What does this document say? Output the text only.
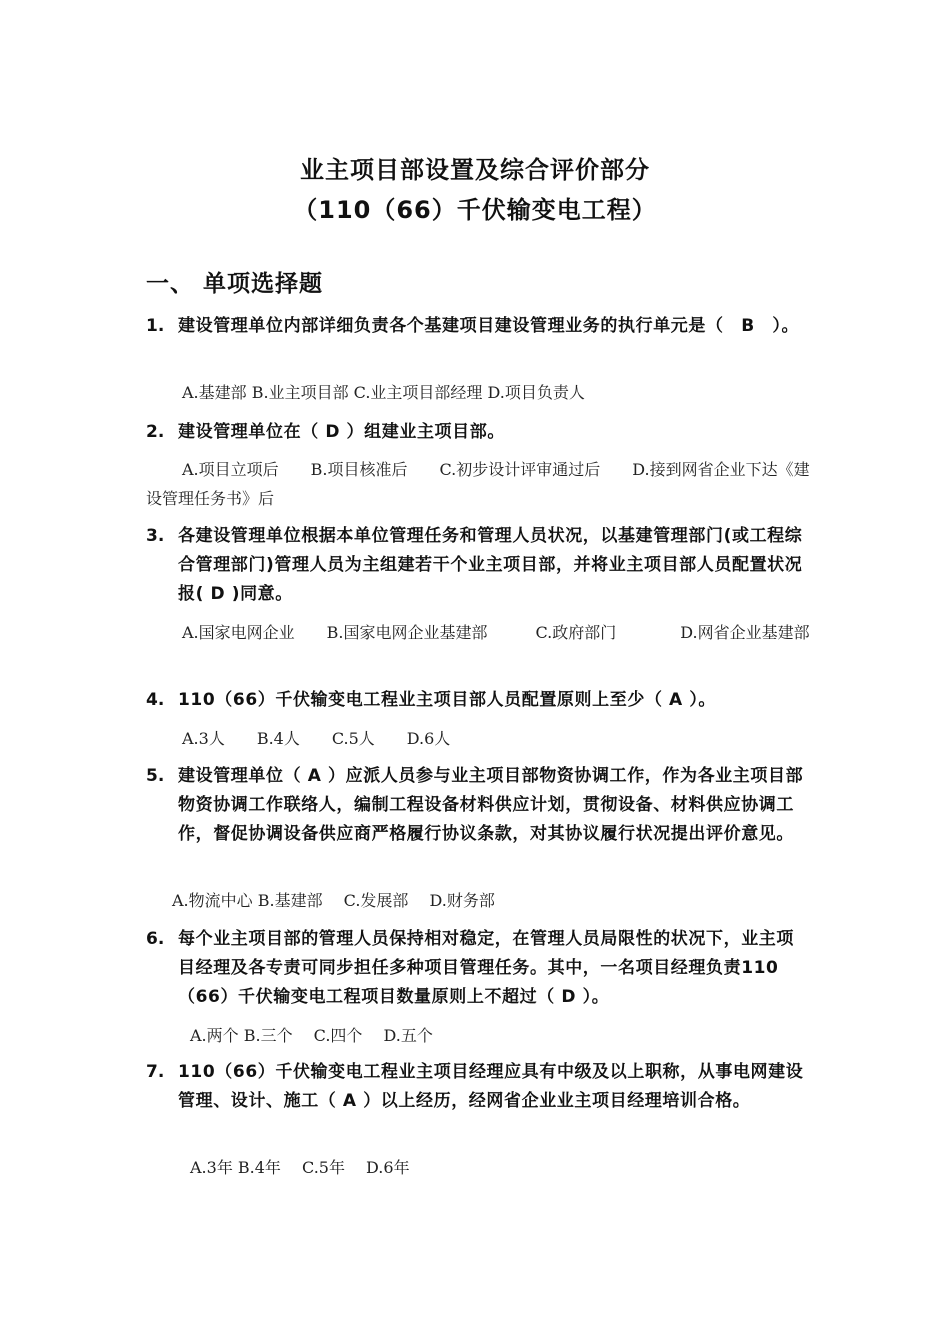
业主项目部设置及综合评价部分
（110（66）千伏输变电工程）
一、 单项选择题
1. 建设管理单位内部详细负责各个基建项目建设管理业务的执行单元是（　B　）。
A.基建部 B.业主项目部 C.业主项目部经理 D.项目负责人
2. 建设管理单位在（ D ）组建业主项目部。
A.项目立项后　　B.项目核准后　　C.初步设计评审通过后　　D.接到网省企业下达《建设管理任务书》后
3. 各建设管理单位根据本单位管理任务和管理人员状况，以基建管理部门(或工程综合管理部门)管理人员为主组建若干个业主项目部，并将业主项目部人员配置状况报( D )同意。
A.国家电网企业　　B.国家电网企业基建部　　　C.政府部门　　　　D.网省企业基建部
4. 110（66）千伏输变电工程业主项目部人员配置原则上至少（ A ）。
A.3人　　B.4人　　C.5人　　D.6人
5. 建设管理单位（ A ）应派人员参与业主项目部物资协调工作，作为各业主项目部物资协调工作联络人，编制工程设备材料供应计划，贯彻设备、材料供应协调工作，督促协调设备供应商严格履行协议条款，对其协议履行状况提出评价意见。
A.物流中心 B.基建部　 C.发展部　 D.财务部
6. 每个业主项目部的管理人员保持相对稳定，在管理人员局限性的状况下，业主项目经理及各专责可同步担任多种项目管理任务。其中，一名项目经理负责110（66）千伏输变电工程项目数量原则上不超过（ D ）。
A.两个 B.三个　 C.四个　 D.五个
7. 110（66）千伏输变电工程业主项目经理应具有中级及以上职称，从事电网建设管理、设计、施工（ A ）以上经历，经网省企业业主项目经理培训合格。
A.3年 B.4年　 C.5年　 D.6年
